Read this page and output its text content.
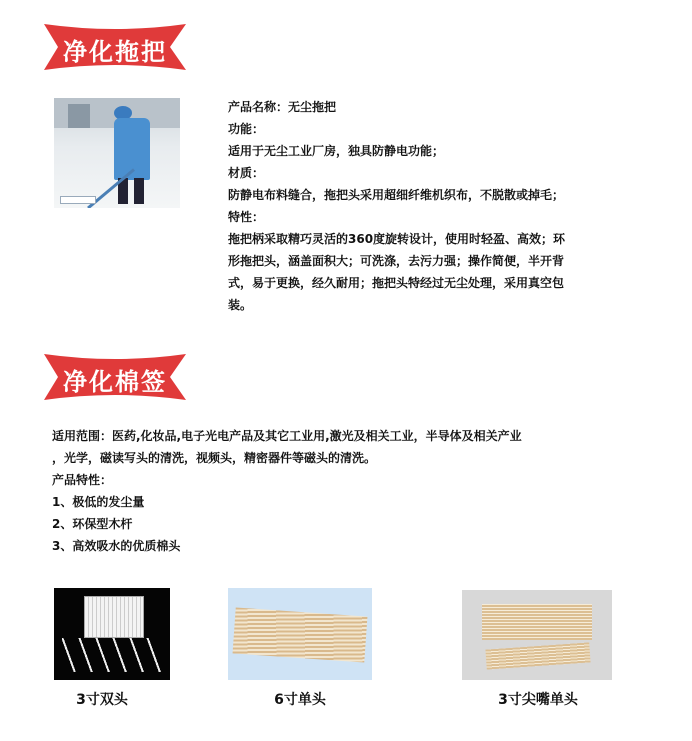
净化拖把
产品名称：无尘拖把
功能：
适用于无尘工业厂房，独具防静电功能；
材质：
防静电布料缝合，拖把头采用超细纤维机织布，不脱散或掉毛；
特性：
拖把柄采取精巧灵活的360度旋转设计，使用时轻盈、高效；环
形拖把头，涵盖面积大；可洗涤，去污力强；操作简便，半开背
式，易于更换，经久耐用；拖把头特经过无尘处理，采用真空包
装。
净化棉签
适用范围：医药,化妆品,电子光电产品及其它工业用,激光及相关工业，半导体及相关产业
，光学，磁读写头的清洗，视频头，精密器件等磁头的清洗。
产品特性：
1、极低的发尘量
2、环保型木杆
3、高效吸水的优质棉头
3寸双头	6寸单头	3寸尖嘴单头
